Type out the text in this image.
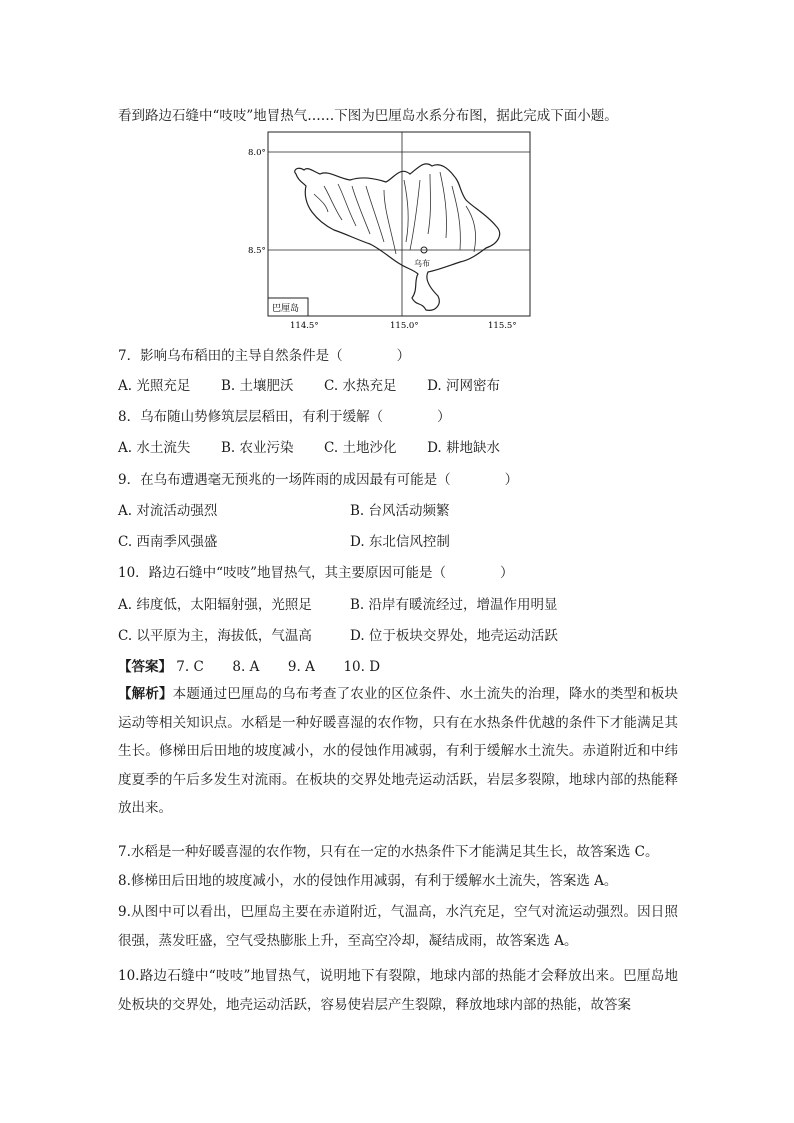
看到路边石缝中“吱吱”地冒热气……下图为巴厘岛水系分布图，据此完成下面小题。
8.0°
8.5°
114.5°	115.0°	115.5°
乌布
巴厘岛
7．影响乌布稻田的主导自然条件是（　　　　）
A. 光照充足 B. 土壤肥沃 C. 水热充足 D. 河网密布
8．乌布随山势修筑层层稻田，有利于缓解（　　　　）
A. 水土流失 B. 农业污染 C. 土地沙化 D. 耕地缺水
9．在乌布遭遇毫无预兆的一场阵雨的成因最有可能是（　　　　）
A. 对流活动强烈	B. 台风活动频繁
C. 西南季风强盛	D. 东北信风控制
10．路边石缝中“吱吱”地冒热气，其主要原因可能是（　　　　）
A. 纬度低，太阳辐射强，光照足	B. 沿岸有暖流经过，增温作用明显
C. 以平原为主，海拔低，气温高	D. 位于板块交界处，地壳运动活跃
【答案】 7. C 8. A 9. A 10. D
【解析】本题通过巴厘岛的乌布考查了农业的区位条件、水土流失的治理，降水的类型和板块运动等相关知识点。水稻是一种好暖喜湿的农作物，只有在水热条件优越的条件下才能满足其生长。修梯田后田地的坡度减小，水的侵蚀作用减弱，有利于缓解水土流失。赤道附近和中纬度夏季的午后多发生对流雨。在板块的交界处地壳运动活跃，岩层多裂隙，地球内部的热能释放出来。
7.水稻是一种好暖喜湿的农作物，只有在一定的水热条件下才能满足其生长，故答案选 C。
8.修梯田后田地的坡度减小，水的侵蚀作用减弱，有利于缓解水土流失，答案选 A。
9.从图中可以看出，巴厘岛主要在赤道附近，气温高，水汽充足，空气对流运动强烈。因日照很强，蒸发旺盛，空气受热膨胀上升，至高空冷却，凝结成雨，故答案选 A。
10.路边石缝中“吱吱”地冒热气，说明地下有裂隙，地球内部的热能才会释放出来。巴厘岛地处板块的交界处，地壳运动活跃，容易使岩层产生裂隙，释放地球内部的热能，故答案
